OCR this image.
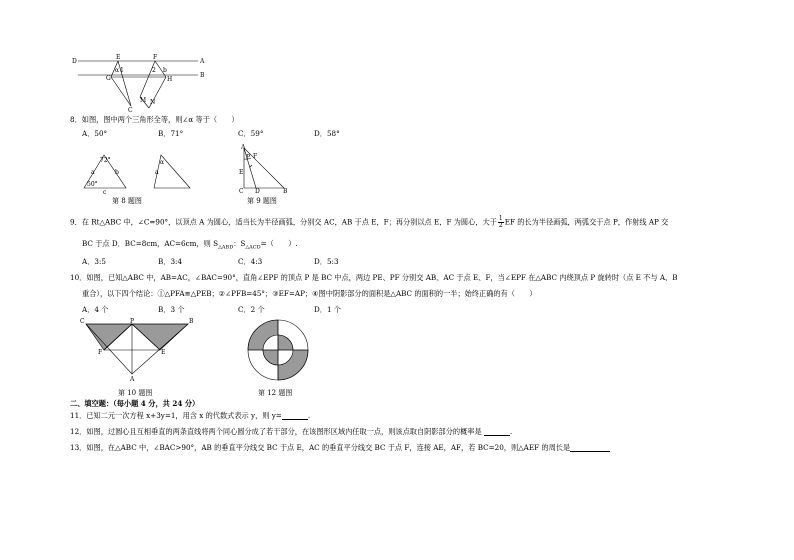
D
E	F
A
G	B
H
M N
C
α 1	2 b
8．如图，图中两个三角形全等，则∠α 等于（　　）
A．50°	B．71°	C．59°	D．58°
50°
72°
a	b
c
a
α
A
P F
E
C D	B
第 8 题图	第 9 题图
9．在 Rt△ABC 中，∠C=90°，以顶点 A 为圆心，适当长为半径画弧，分别交 AC，AB 于点 E，F；再分别以点 E，F 为圆心，大于 $\frac{1}{2}$ EF 的长为半径画弧，两弧交于点 P，作射线 AP 交
BC 于点 D．BC=8cm，AC=6cm，则 $S_{\triangle ABD}$：$S_{\triangle ACD}=$（　　）.
A．3:5	B．3:4	C．4:3	D．5:3
10．如图，已知△ABC 中，AB=AC，∠BAC=90°，直角∠EPF 的顶点 P 是 BC 中点，两边 PE、PF 分别交 AB、AC 于点 E、F，当∠EPF 在△ABC 内绕顶点 P 旋转时（点 E 不与 A、B
重合），以下四个结论：①△PFA≌△PEB；②∠PFB=45°；③EF=AP；④图中阴影部分的面积是△ABC 的面积的一半；始终正确的有（　　）
A．4 个	B．3 个	C．2 个	D．1 个
C	P	B
F	E
A
第 10 题图	第 12 题图
二、填空题：（每小题 4 分，共 24 分）
11．已知二元一次方程 x+3y=1，用含 x 的代数式表示 y，则 y=	.
12．如图，过圆心且互相垂直的两条直线将两个同心圆分成了若干部分，在该图形区域内任取一点，则该点取自阴影部分的概率是	.
13．如图，在△ABC 中，∠BAC>90°，AB 的垂直平分线交 BC 于点 E，AC 的垂直平分线交 BC 于点 F，连接 AE，AF，若 BC=20，则△AEF 的周长是
